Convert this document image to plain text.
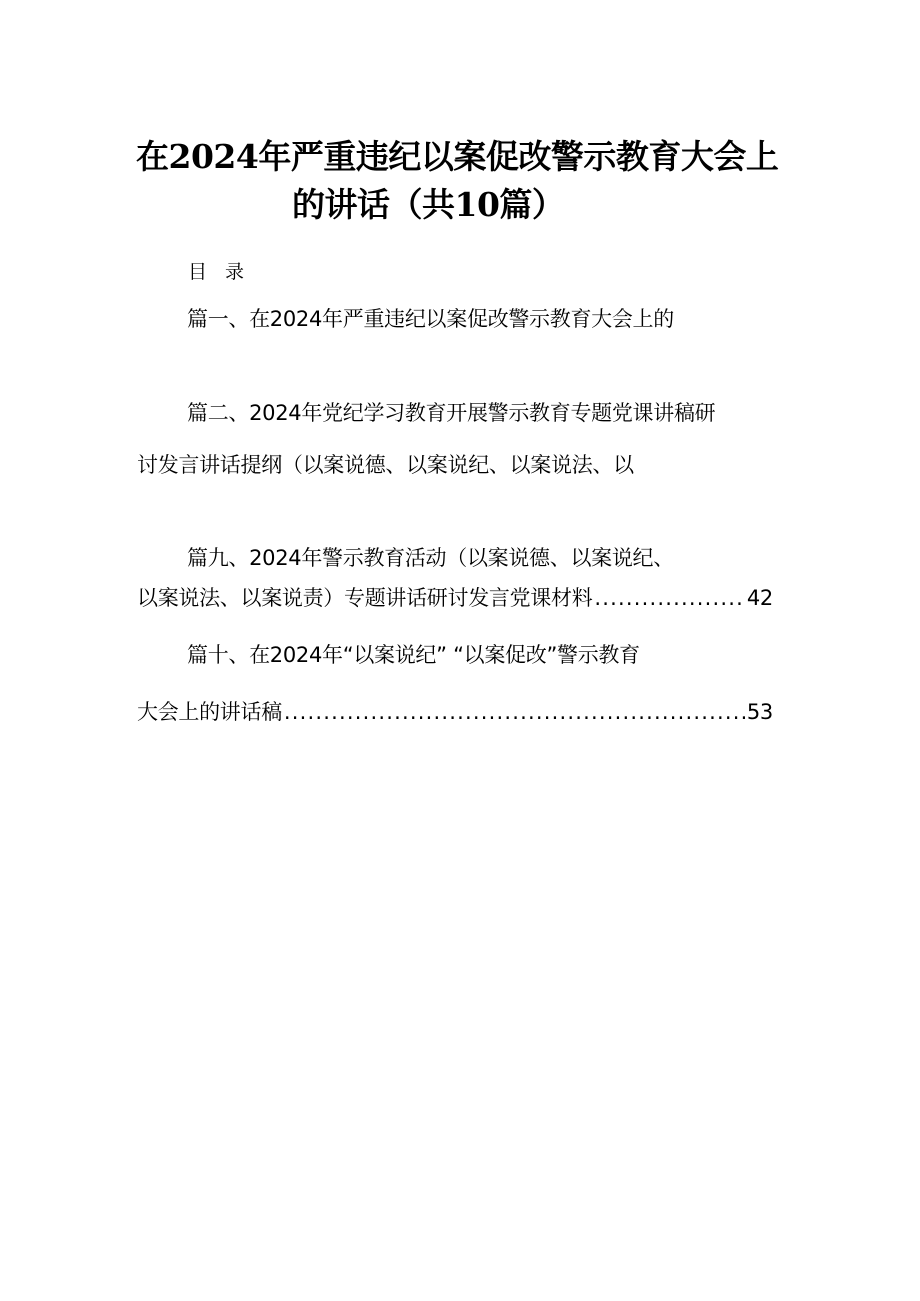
在2024年严重违纪以案促改警示教育大会上
的讲话（共10篇）
目 录
篇一、在2024年严重违纪以案促改警示教育大会上的
篇二、2024年党纪学习教育开展警示教育专题党课讲稿研
讨发言讲话提纲（以案说德、以案说纪、以案说法、以
篇九、2024年警示教育活动（以案说德、以案说纪、
以案说法、以案说责）专题讲话研讨发言党课材料 .....	42
篇十、在2024年“以案说纪” “以案促改”警示教育
大会上的讲话稿 .....	53
